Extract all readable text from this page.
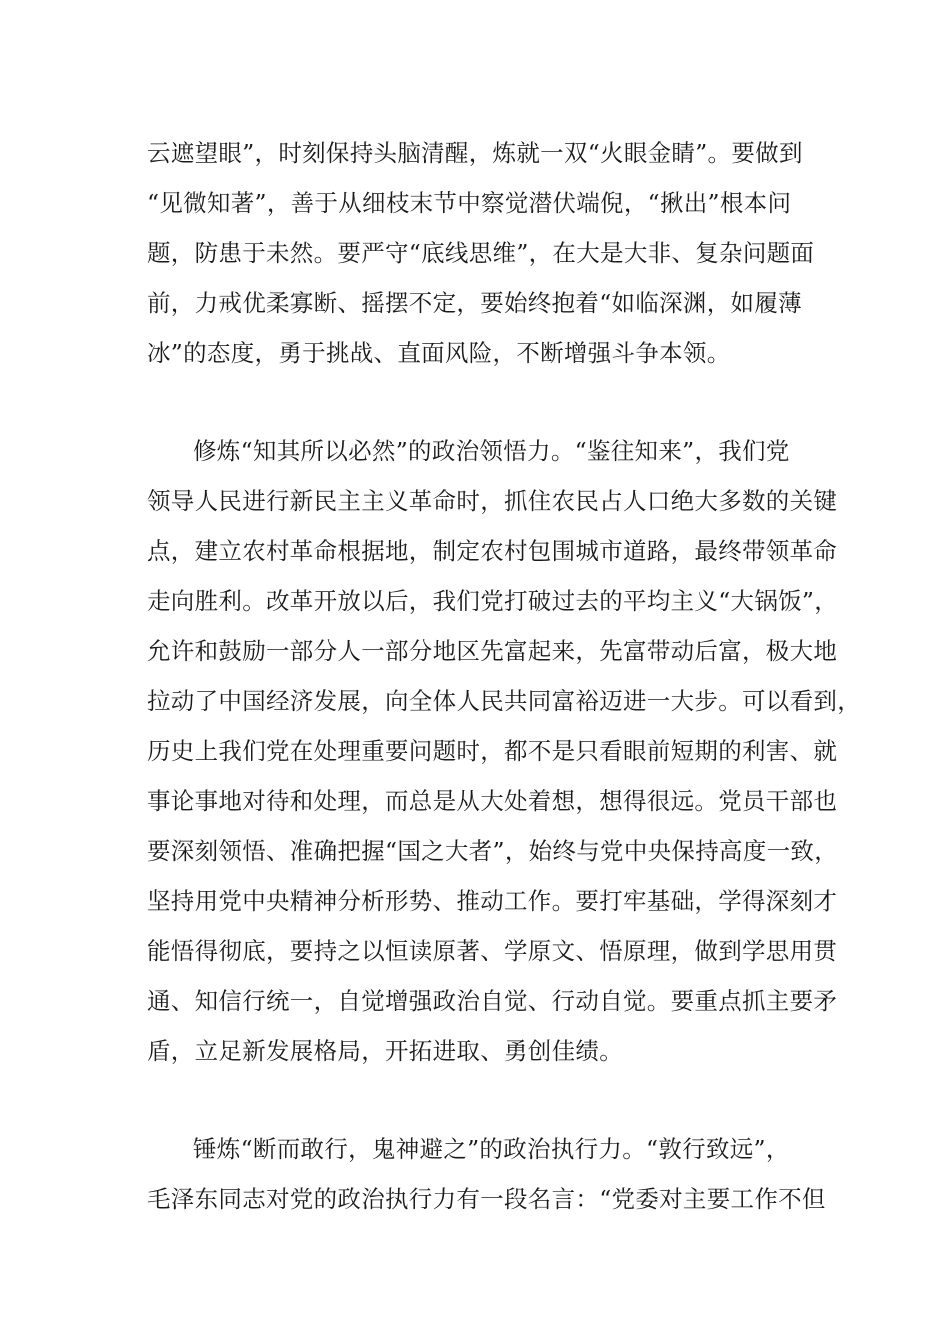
云遮望眼”，时刻保持头脑清醒，炼就一双“火眼金睛”。要做到
“见微知著”，善于从细枝末节中察觉潜伏端倪，“揪出”根本问
题，防患于未然。要严守“底线思维”，在大是大非、复杂问题面
前，力戒优柔寡断、摇摆不定，要始终抱着“如临深渊，如履薄
冰”的态度，勇于挑战、直面风险，不断增强斗争本领。
修炼“知其所以必然”的政治领悟力。“鉴往知来”，我们党
领导人民进行新民主主义革命时，抓住农民占人口绝大多数的关键
点，建立农村革命根据地，制定农村包围城市道路，最终带领革命
走向胜利。改革开放以后，我们党打破过去的平均主义“大锅饭”，
允许和鼓励一部分人一部分地区先富起来，先富带动后富，极大地
拉动了中国经济发展，向全体人民共同富裕迈进一大步。可以看到，
历史上我们党在处理重要问题时，都不是只看眼前短期的利害、就
事论事地对待和处理，而总是从大处着想，想得很远。党员干部也
要深刻领悟、准确把握“国之大者”，始终与党中央保持高度一致，
坚持用党中央精神分析形势、推动工作。要打牢基础，学得深刻才
能悟得彻底，要持之以恒读原著、学原文、悟原理，做到学思用贯
通、知信行统一，自觉增强政治自觉、行动自觉。要重点抓主要矛
盾，立足新发展格局，开拓进取、勇创佳绩。
锤炼“断而敢行，鬼神避之”的政治执行力。“敦行致远”，
毛泽东同志对党的政治执行力有一段名言：“党委对主要工作不但
